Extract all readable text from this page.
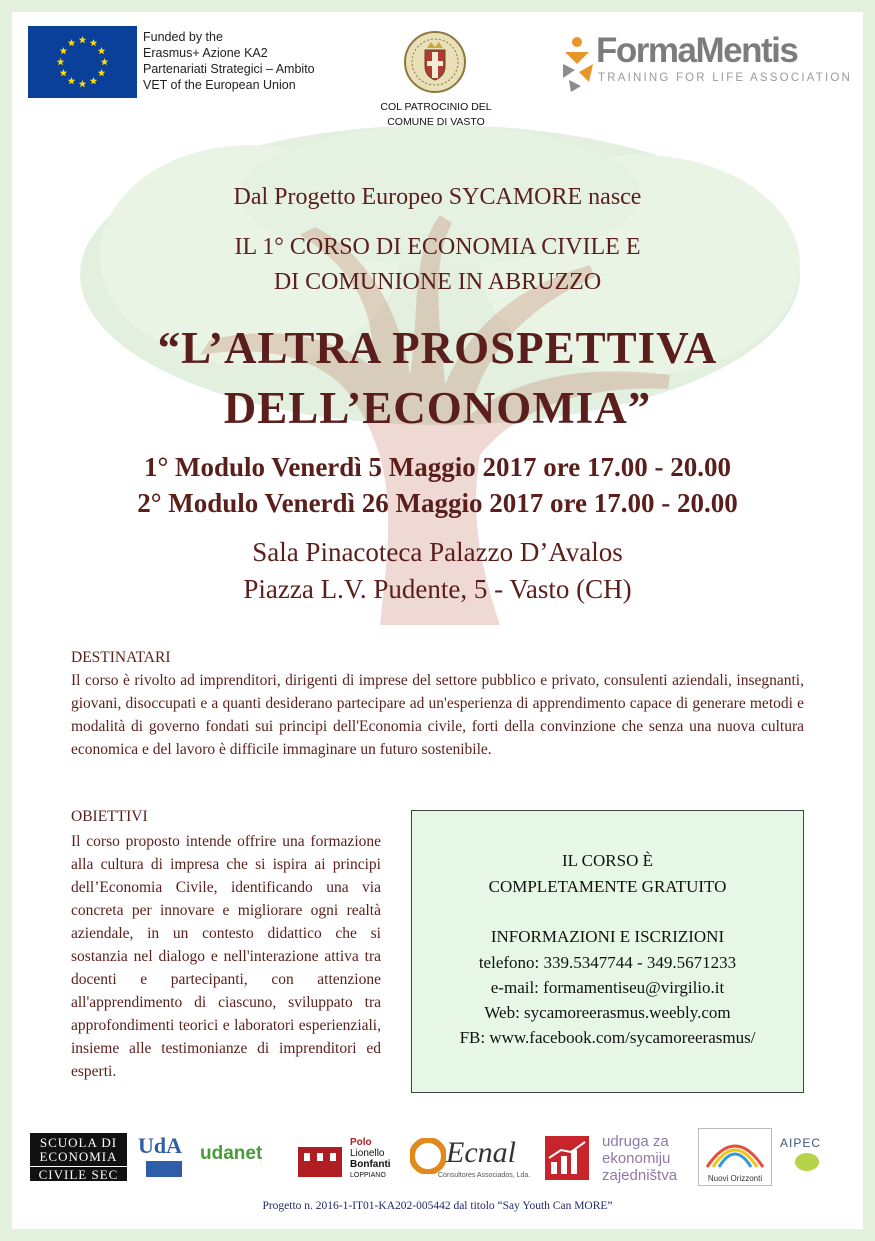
Funded by the
Erasmus+ Azione KA2
Partenariati Strategici – Ambito
VET of the European Union
COL PATROCINIO DEL
COMUNE DI VASTO
FormaMentis
TRAINING FOR LIFE ASSOCIATION
Dal Progetto Europeo SYCAMORE nasce
IL 1° CORSO DI ECONOMIA CIVILE E
DI COMUNIONE IN ABRUZZO
“L’ALTRA PROSPETTIVA
DELL’ECONOMIA”
1° Modulo Venerdì 5 Maggio 2017 ore 17.00 - 20.00
2° Modulo Venerdì 26 Maggio 2017 ore 17.00 - 20.00
Sala Pinacoteca Palazzo D’Avalos
Piazza L.V. Pudente, 5 - Vasto (CH)
DESTINATARI
Il corso è rivolto ad imprenditori, dirigenti di imprese del settore pubblico e privato, consulenti aziendali, insegnanti, giovani, disoccupati e a quanti desiderano partecipare ad un'esperienza di apprendimento capace di generare metodi e modalità di governo fondati sui principi dell'Economia civile, forti della convinzione che senza una nuova cultura economica e del lavoro è difficile immaginare un futuro sostenibile.
OBIETTIVI
Il corso proposto intende offrire una formazione alla cultura di impresa che si ispira ai principi dell’Economia Civile, identificando una via concreta per innovare e migliorare ogni realtà aziendale, in un contesto didattico che si sostanzia nel dialogo e nell'interazione attiva tra docenti e partecipanti, con attenzione all'apprendimento di ciascuno, sviluppato tra approfondimenti teorici e laboratori esperienziali, insieme alle testimonianze di imprenditori ed esperti.
IL CORSO È
COMPLETAMENTE GRATUITO
INFORMAZIONI E ISCRIZIONI
telefono: 339.5347744 - 349.5671233
e-mail: formamentiseu@virgilio.it
Web: sycamoreerasmus.weebly.com
FB: www.facebook.com/sycamoreerasmus/
SCUOLA DI
ECONOMIA
CIVILE SEC
UdA udanet
Polo
Lionello
Bonfanti
LOPPIANO
Ecnal
Consultores Associados, Lda.
udruga za
ekonomiju
zajedništva	Nuovi Orizzonti
AIPEC
Progetto n. 2016-1-IT01-KA202-005442 dal titolo “Say Youth Can MORE”
